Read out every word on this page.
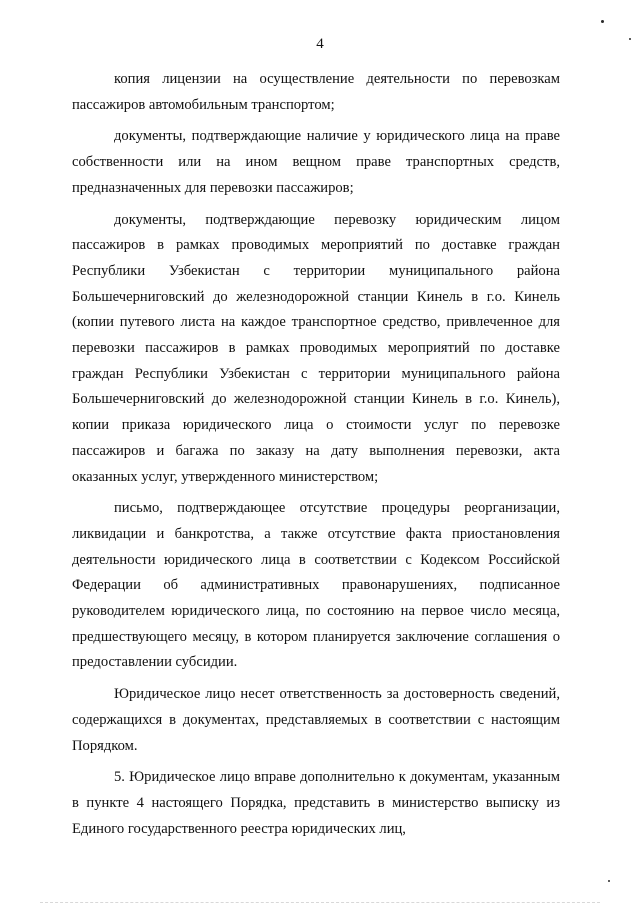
4

копия лицензии на осуществление деятельности по перевозкам пассажиров автомобильным транспортом;

документы, подтверждающие наличие у юридического лица на праве собственности или на ином вещном праве транспортных средств, предназначенных для перевозки пассажиров;

документы, подтверждающие перевозку юридическим лицом пассажиров в рамках проводимых мероприятий по доставке граждан Республики Узбекистан с территории муниципального района Большечерниговский до железнодорожной станции Кинель в г.о. Кинель (копии путевого листа на каждое транспортное средство, привлеченное для перевозки пассажиров в рамках проводимых мероприятий по доставке граждан Республики Узбекистан с территории муниципального района Большечерниговский до железнодорожной станции Кинель в г.о. Кинель), копии приказа юридического лица о стоимости услуг по перевозке пассажиров и багажа по заказу на дату выполнения перевозки, акта оказанных услуг, утвержденного министерством;

письмо, подтверждающее отсутствие процедуры реорганизации, ликвидации и банкротства, а также отсутствие факта приостановления деятельности юридического лица в соответствии с Кодексом Российской Федерации об административных правонарушениях, подписанное руководителем юридического лица, по состоянию на первое число месяца, предшествующего месяцу, в котором планируется заключение соглашения о предоставлении субсидии.

Юридическое лицо несет ответственность за достоверность сведений, содержащихся в документах, представляемых в соответствии с настоящим Порядком.

5. Юридическое лицо вправе дополнительно к документам, указанным в пункте 4 настоящего Порядка, представить в министерство выписку из Единого государственного реестра юридических лиц,
